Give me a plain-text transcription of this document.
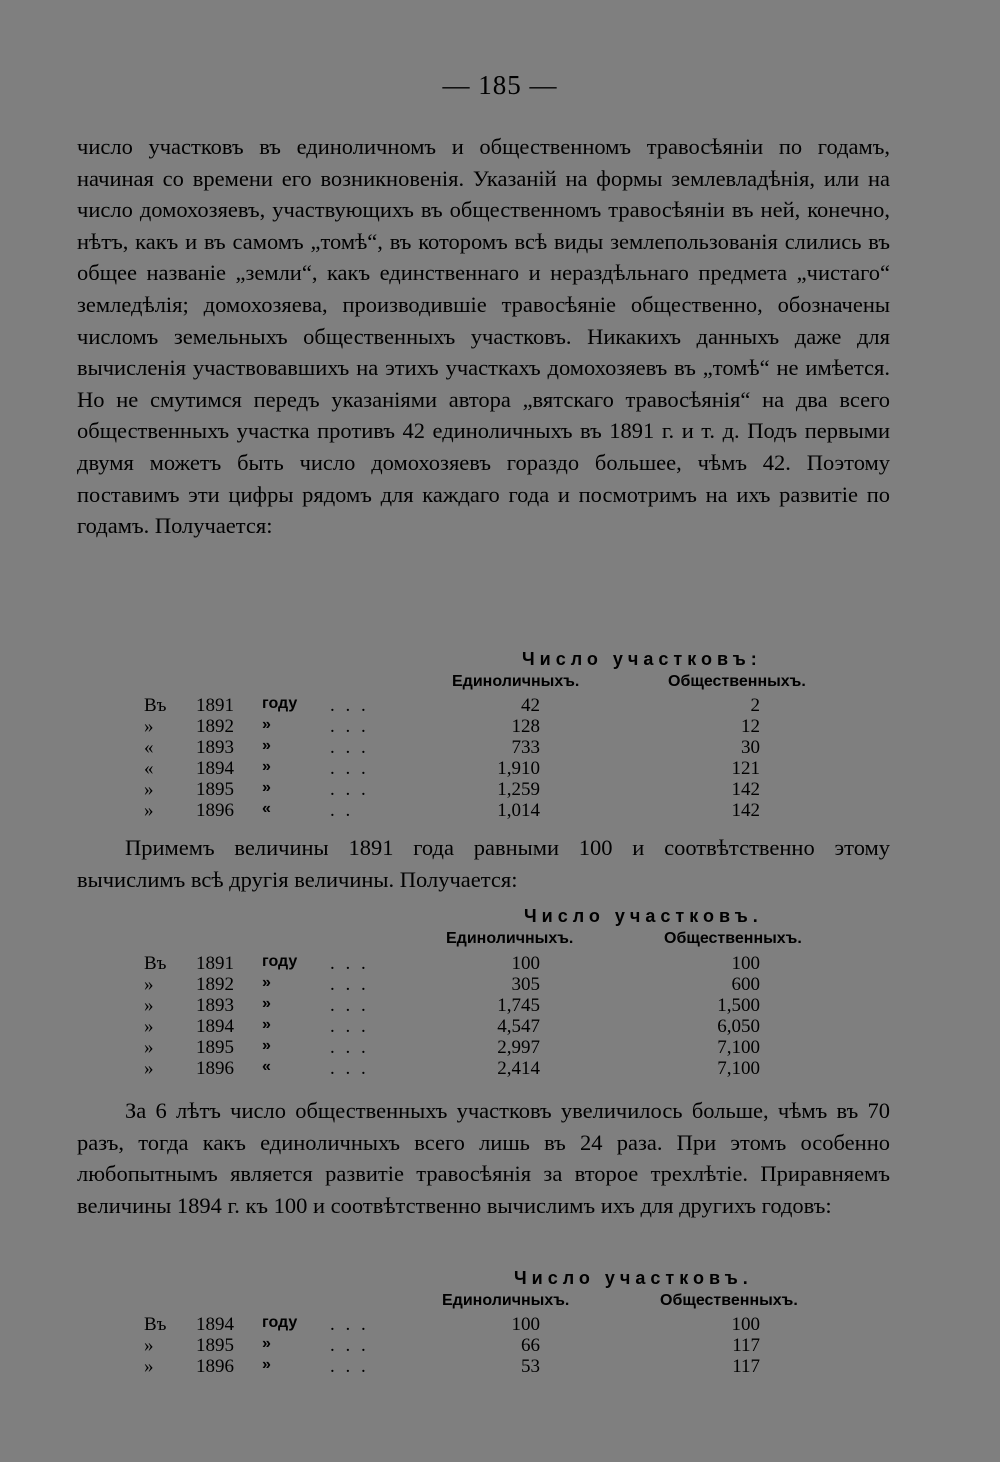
— 185 —

число участковъ въ единоличномъ и общественномъ травосѣяніи по годамъ, начиная со времени его возникновенія. Указаній на формы землевладѣнія, или на число домохозяевъ, участвующихъ въ общественномъ травосѣяніи въ ней, конечно, нѣтъ, какъ и въ самомъ „томѣ“, въ которомъ всѣ виды землепользованія слились въ общее названіе „земли“, какъ единственнаго и нераздѣльнаго предмета „чистаго“ земледѣлія; домохозяева, производившіе травосѣяніе общественно, обозначены числомъ земельныхъ общественныхъ участковъ. Никакихъ данныхъ даже для вычисленія участвовавшихъ на этихъ участкахъ домохозяевъ въ „томѣ“ не имѣется. Но не смутимся передъ указаніями автора „вятскаго травосѣянія“ на два всего общественныхъ участка противъ 42 единоличныхъ въ 1891 г. и т. д. Подъ первыми двумя можетъ быть число домохозяевъ гораздо большее, чѣмъ 42. Поэтому поставимъ эти цифры рядомъ для каждаго года и посмотримъ на ихъ развитіе по годамъ. Получается:

Число участковъ:
Единоличныхъ.	Общественныхъ.
Въ	1891	году	. . .	42	2
»	1892	»	. . .	128	12
«	1893	»	. . .	733	30
«	1894	»	. . .	1,910	121
»	1895	»	. . .	1,259	142
»	1896	«	. .	1,014	142

Примемъ величины 1891 года равными 100 и соотвѣтственно этому вычислимъ всѣ другія величины. Получается:

Число участковъ.
Единоличныхъ.	Общественныхъ.
Въ	1891	году	. . .	100	100
»	1892	»	. . .	305	600
»	1893	»	. . .	1,745	1,500
»	1894	»	. . .	4,547	6,050
»	1895	»	. . .	2,997	7,100
»	1896	«	. . .	2,414	7,100

За 6 лѣтъ число общественныхъ участковъ увеличилось больше, чѣмъ въ 70 разъ, тогда какъ единоличныхъ всего лишь въ 24 раза. При этомъ особенно любопытнымъ является развитіе травосѣянія за второе трехлѣтіе. Приравняемъ величины 1894 г. къ 100 и соотвѣтственно вычислимъ ихъ для другихъ годовъ:

Число участковъ.
Единоличныхъ.	Общественныхъ.
Въ	1894	году	. . .	100	100
»	1895	»	. . .	66	117
»	1896	»	. . .	53	117
